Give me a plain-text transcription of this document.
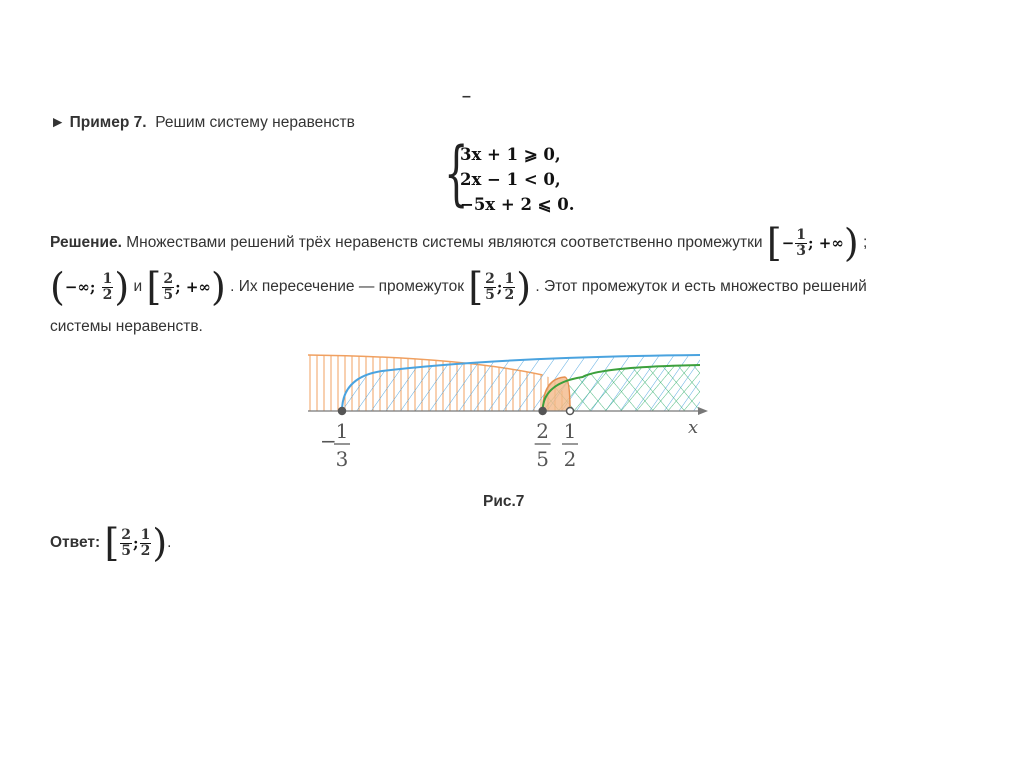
–
► Пример 7. Решим систему неравенств
{
3x + 1 ⩾ 0,
2x − 1 < 0,
−5x + 2 ⩽ 0.
Решение. Множествами решений трёх неравенств системы являются соответственно промежутки [− $\frac{1}{3}$ ; +∞) ;
(−∞; $\frac{1}{2}$ ) и [ $\frac{2}{5}$ ; +∞) . Их пересечение — промежуток [ $\frac{2}{5}$ ; $\frac{1}{2}$ ) . Этот промежуток и есть множество решений
системы неравенств.
x
−
1
3
2
5
1
2
Рис.7
Ответ: [ $\frac{2}{5}$ ; $\frac{1}{2}$ ).
